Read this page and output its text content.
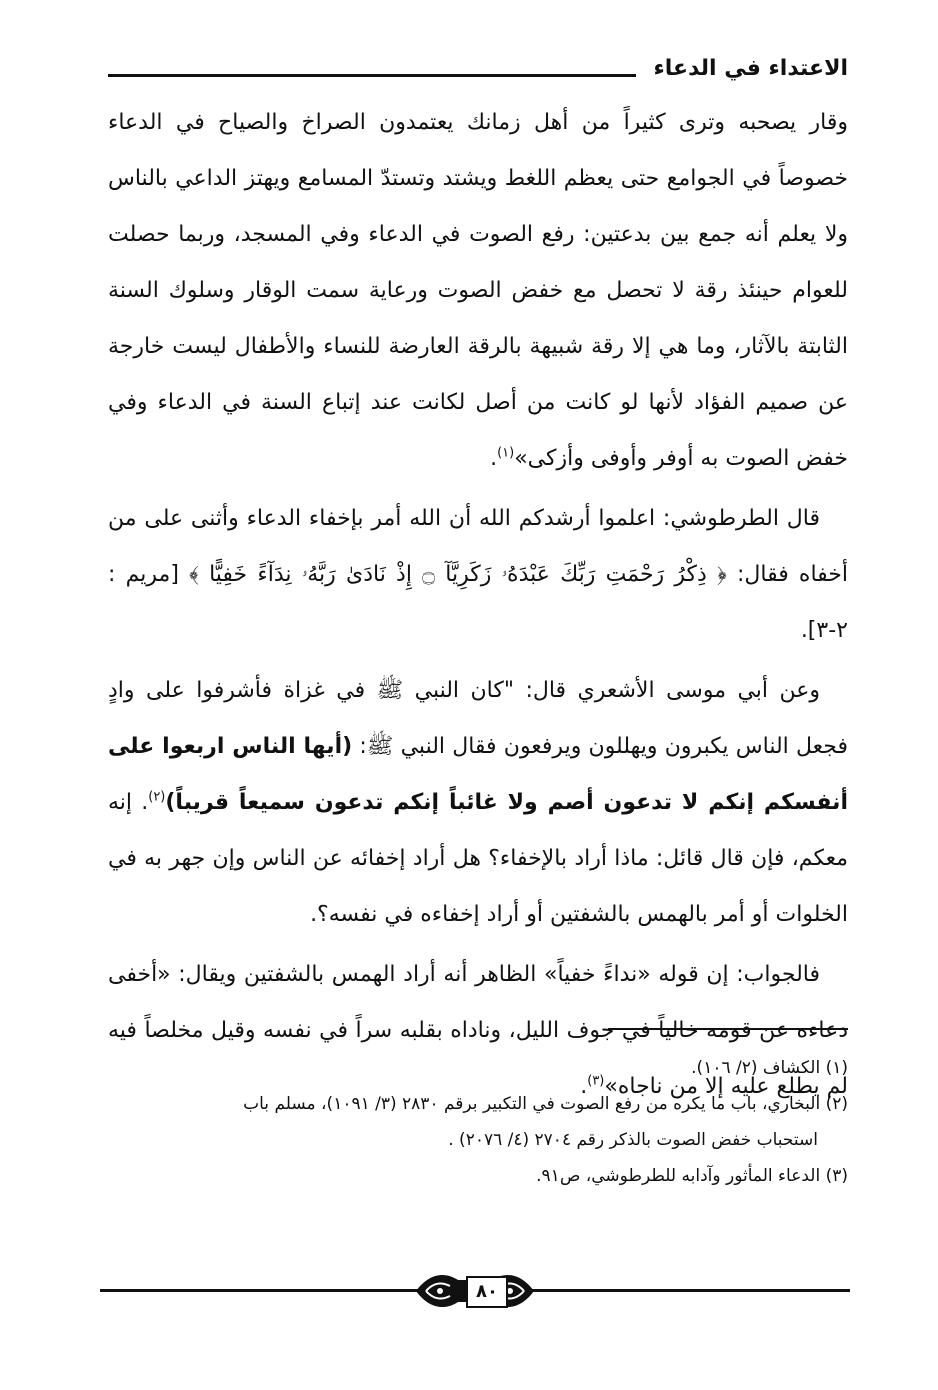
الاعتداء في الدعاء

وقار يصحبه وترى كثيراً من أهل زمانك يعتمدون الصراخ والصياح في الدعاء خصوصاً في الجوامع حتى يعظم اللغط ويشتد وتستدّ المسامع ويهتز الداعي بالناس ولا يعلم أنه جمع بين بدعتين: رفع الصوت في الدعاء وفي المسجد، وربما حصلت للعوام حينئذ رقة لا تحصل مع خفض الصوت ورعاية سمت الوقار وسلوك السنة الثابتة بالآثار، وما هي إلا رقة شبيهة بالرقة العارضة للنساء والأطفال ليست خارجة عن صميم الفؤاد لأنها لو كانت من أصل لكانت عند إتباع السنة في الدعاء وفي خفض الصوت به أوفر وأوفى وأزكى»$^{(١)}$.

قال الطرطوشي: اعلموا أرشدكم الله أن الله أمر بإخفاء الدعاء وأثنى على من أخفاه فقال: ﴿ ذِكْرُ رَحْمَتِ رَبِّكَ عَبْدَهُۥ زَكَرِيَّآ ۝ إِذْ نَادَىٰ رَبَّهُۥ نِدَآءً خَفِيًّا ﴾ [مريم : ٢-٣].

وعن أبي موسى الأشعري قال: "كان النبي ﷺ في غزاة فأشرفوا على وادٍ فجعل الناس يكبرون ويهللون ويرفعون فقال النبي ﷺ: (أيها الناس اربعوا على أنفسكم إنكم لا تدعون أصم ولا غائباً إنكم تدعون سميعاً قريباً)$^{(٢)}$. إنه معكم، فإن قال قائل: ماذا أراد بالإخفاء؟ هل أراد إخفائه عن الناس وإن جهر به في الخلوات أو أمر بالهمس بالشفتين أو أراد إخفاءه في نفسه؟.

فالجواب: إن قوله «نداءً خفياً» الظاهر أنه أراد الهمس بالشفتين ويقال: «أخفى دعاءه عن قومه خالياً في جوف الليل، وناداه بقلبه سراً في نفسه وقيل مخلصاً فيه لم يطلع عليه إلا من ناجاه»$^{(٣)}$.

(١) الكشاف (٢/ ١٠٦).

(٢) البخاري، باب ما يكره من رفع الصوت في التكبير برقم ٢٨٣٠ (٣/ ١٠٩١)، مسلم باب

استحباب خفض الصوت بالذكر رقم ٢٧٠٤ (٤/ ٢٠٧٦) .

(٣) الدعاء المأثور وآدابه للطرطوشي، ص٩١.

٨٠
